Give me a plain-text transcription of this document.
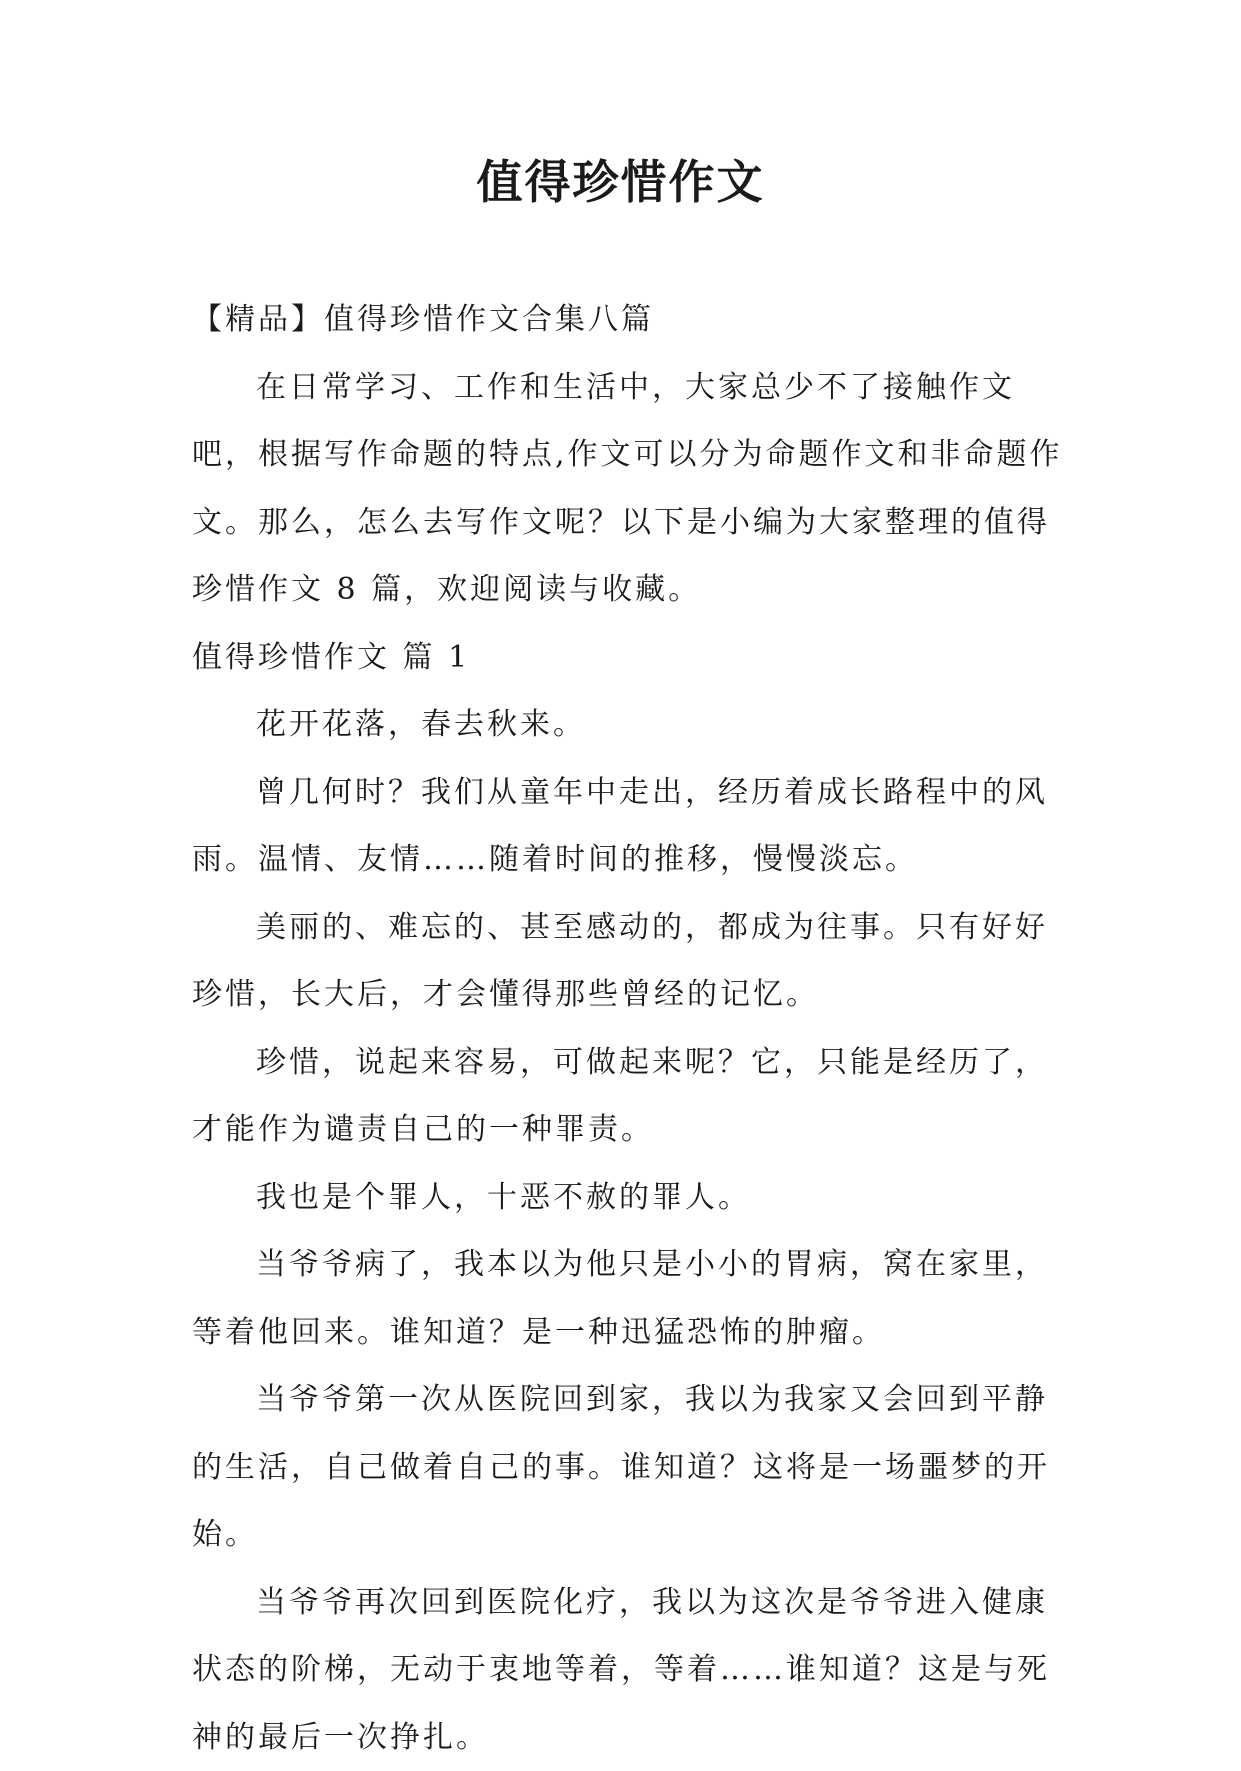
值得珍惜作文

【精品】值得珍惜作文合集八篇

在日常学习、工作和生活中，大家总少不了接触作文吧，根据写作命题的特点,作文可以分为命题作文和非命题作文。那么，怎么去写作文呢？以下是小编为大家整理的值得珍惜作文 8 篇，欢迎阅读与收藏。

值得珍惜作文 篇 1

花开花落，春去秋来。

曾几何时？我们从童年中走出，经历着成长路程中的风雨。温情、友情……随着时间的推移，慢慢淡忘。

美丽的、难忘的、甚至感动的，都成为往事。只有好好珍惜，长大后，才会懂得那些曾经的记忆。

珍惜，说起来容易，可做起来呢？它，只能是经历了，才能作为谴责自己的一种罪责。

我也是个罪人，十恶不赦的罪人。

当爷爷病了，我本以为他只是小小的胃病，窝在家里，等着他回来。谁知道？是一种迅猛恐怖的肿瘤。

当爷爷第一次从医院回到家，我以为我家又会回到平静的生活，自己做着自己的事。谁知道？这将是一场噩梦的开始。

当爷爷再次回到医院化疗，我以为这次是爷爷进入健康状态的阶梯，无动于衷地等着，等着……谁知道？这是与死神的最后一次挣扎。
